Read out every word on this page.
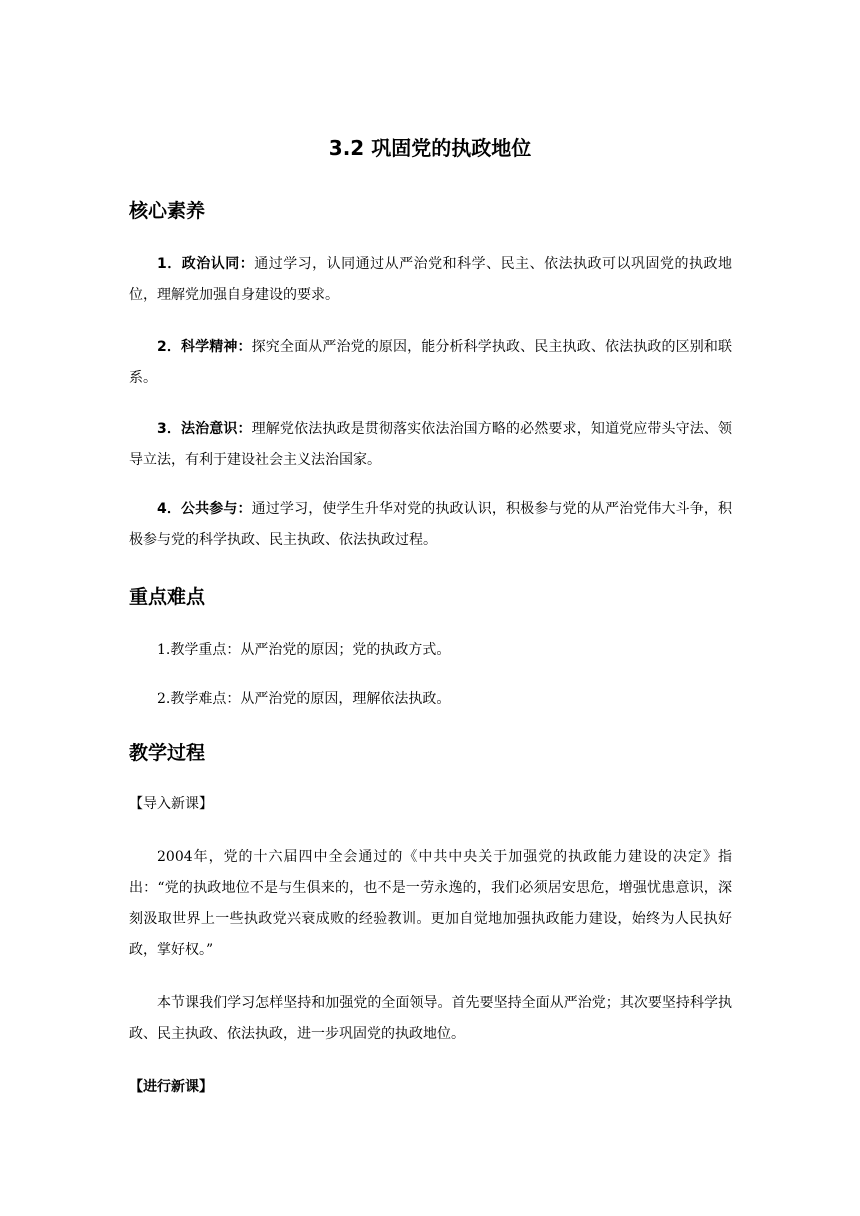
3.2 巩固党的执政地位
核心素养
1．政治认同：通过学习，认同通过从严治党和科学、民主、依法执政可以巩固党的执政地位，理解党加强自身建设的要求。
2．科学精神：探究全面从严治党的原因，能分析科学执政、民主执政、依法执政的区别和联系。
3．法治意识：理解党依法执政是贯彻落实依法治国方略的必然要求，知道党应带头守法、领导立法，有利于建设社会主义法治国家。
4．公共参与：通过学习，使学生升华对党的执政认识，积极参与党的从严治党伟大斗争，积极参与党的科学执政、民主执政、依法执政过程。
重点难点
1.教学重点：从严治党的原因；党的执政方式。
2.教学难点：从严治党的原因，理解依法执政。
教学过程
【导入新课】
2004年，党的十六届四中全会通过的《中共中央关于加强党的执政能力建设的决定》指出：“党的执政地位不是与生俱来的，也不是一劳永逸的，我们必须居安思危，增强忧患意识，深刻汲取世界上一些执政党兴衰成败的经验教训。更加自觉地加强执政能力建设，始终为人民执好政，掌好权。”
本节课我们学习怎样坚持和加强党的全面领导。首先要坚持全面从严治党；其次要坚持科学执政、民主执政、依法执政，进一步巩固党的执政地位。
【进行新课】
